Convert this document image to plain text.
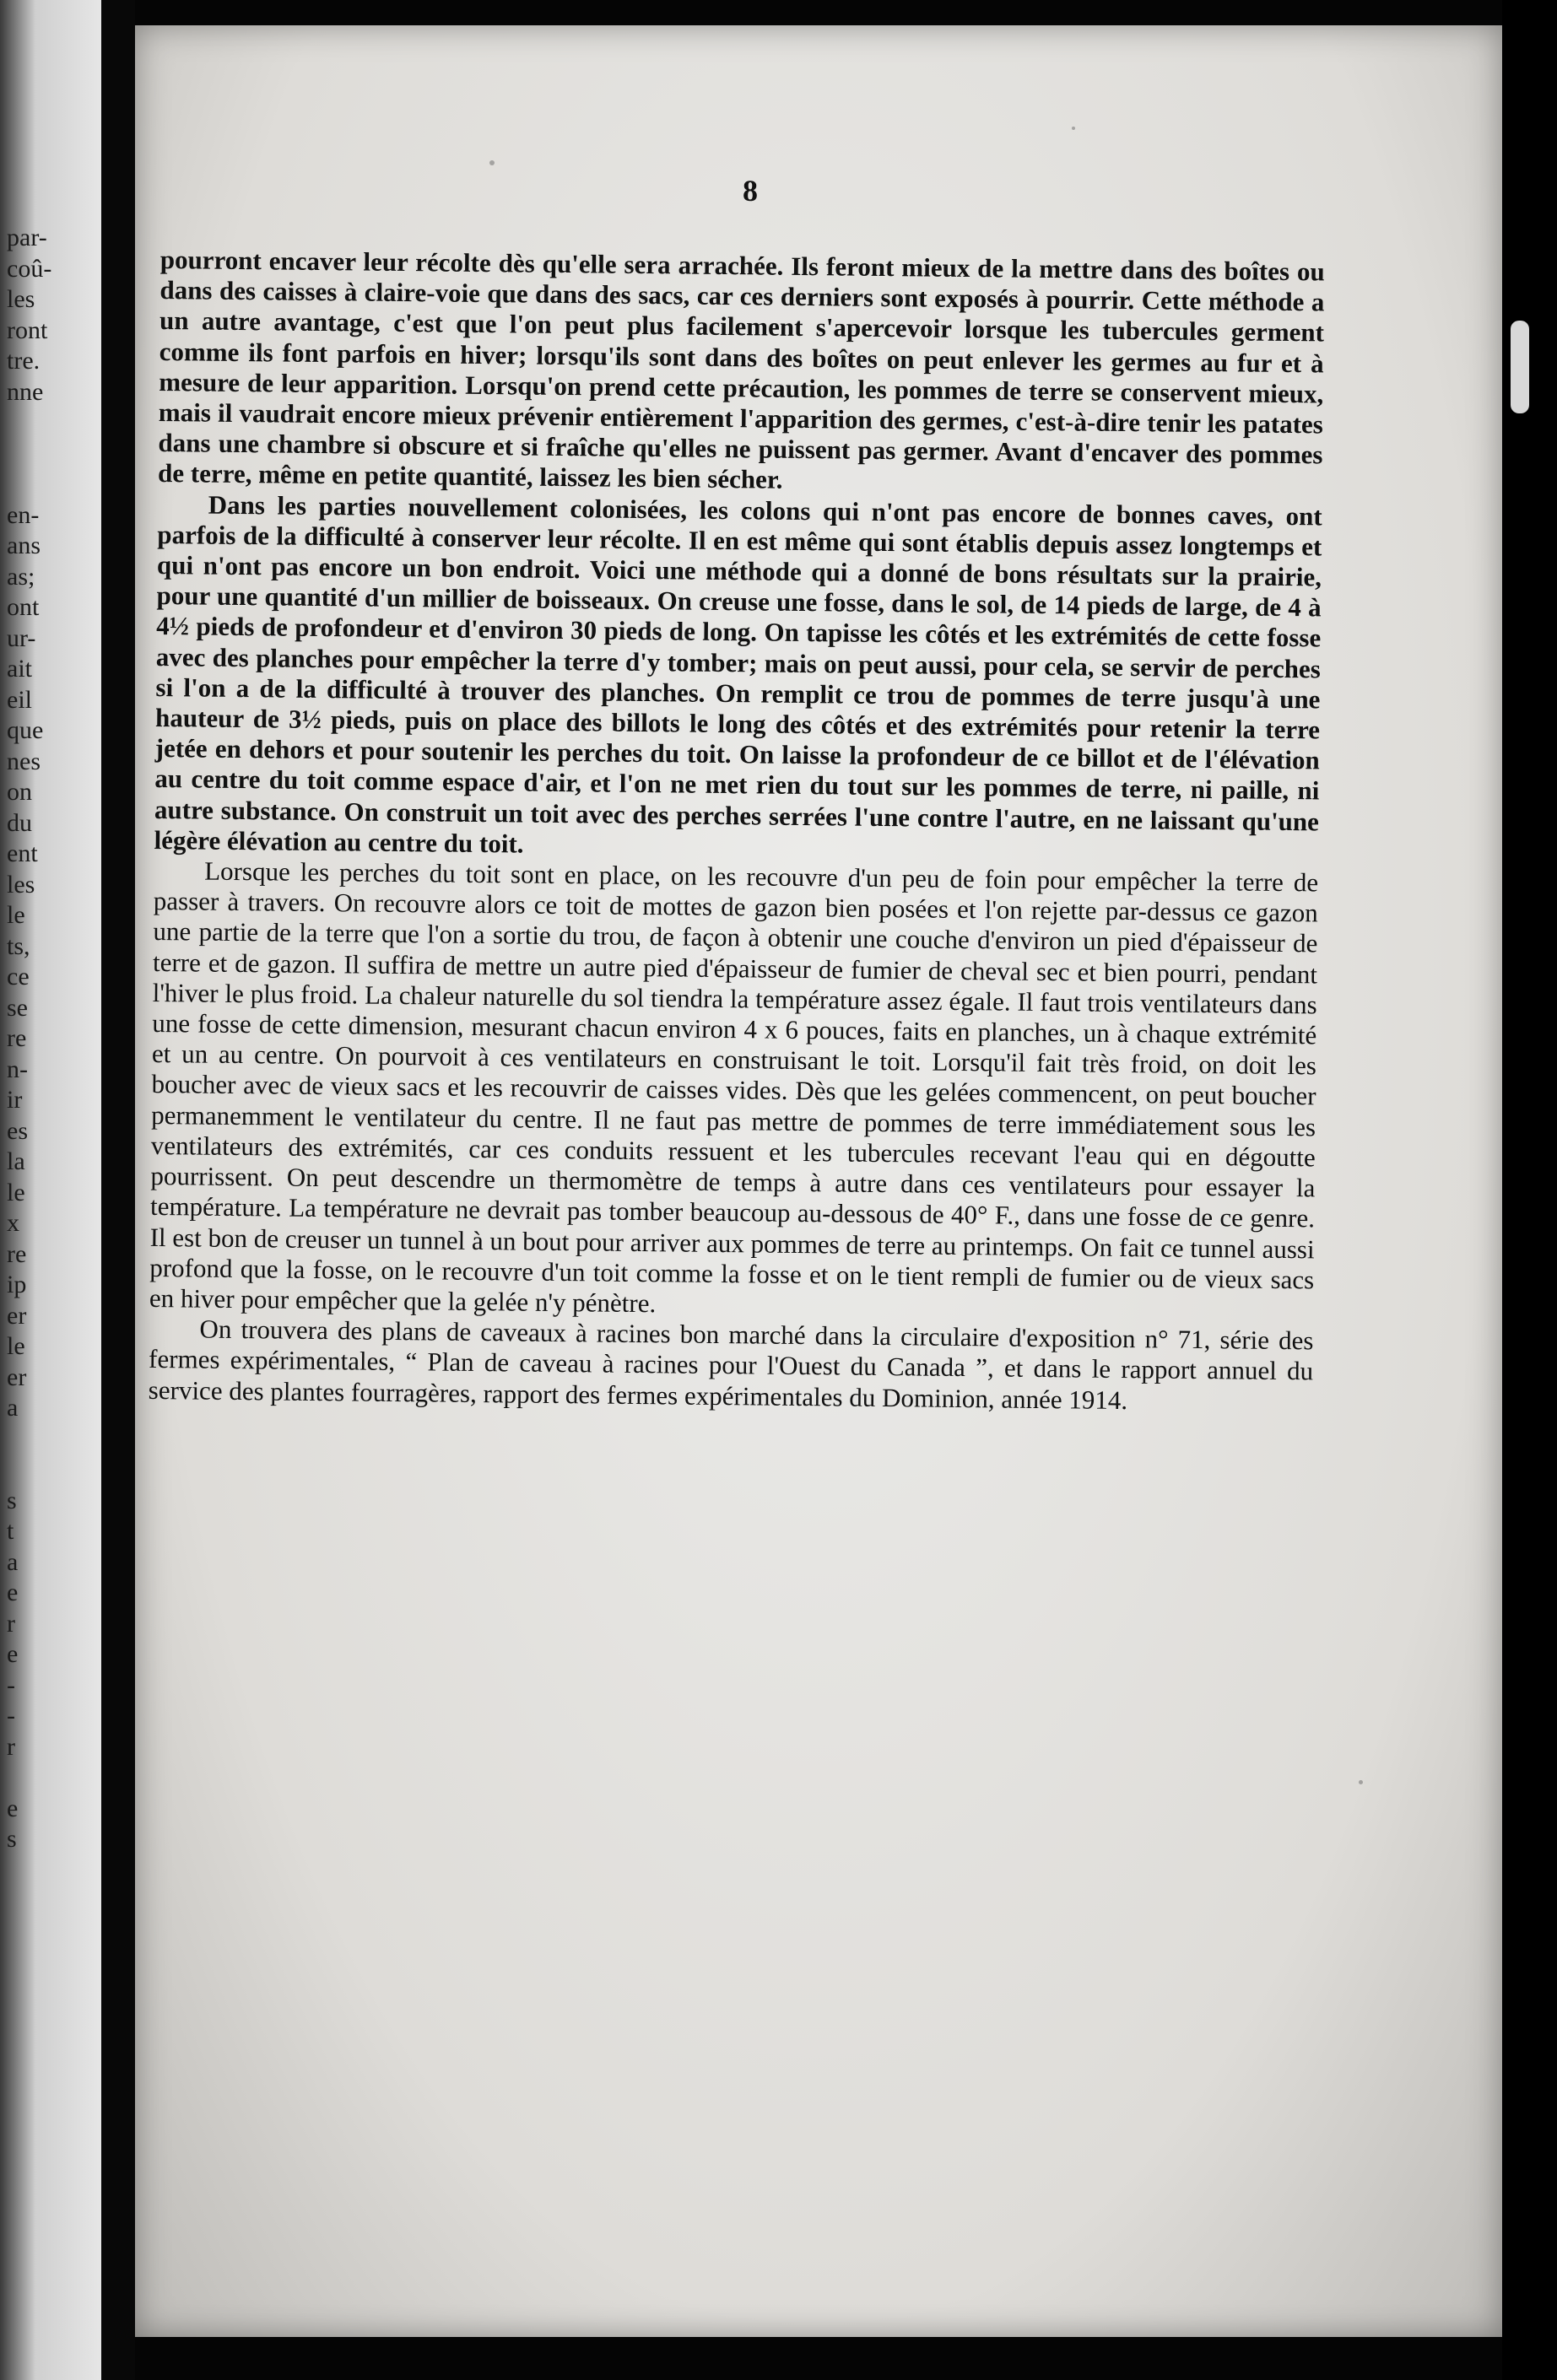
par-
coû-
les
ront
tre.
nne
en-
ans
as;
ont
ur-
ait
eil
que
nes
on
du
ent
les
le
ts,
ce
se
re
n-
ir
es
la
le
x
re
ip
er
le
er
a
s
t
a
e
r
e
-
-
r
e
s
8

pourront encaver leur récolte dès qu'elle sera arrachée. Ils feront mieux de la mettre dans des boîtes ou dans des caisses à claire-voie que dans des sacs, car ces derniers sont exposés à pourrir. Cette méthode a un autre avantage, c'est que l'on peut plus facilement s'apercevoir lorsque les tubercules germent comme ils font parfois en hiver; lorsqu'ils sont dans des boîtes on peut enlever les germes au fur et à mesure de leur apparition. Lorsqu'on prend cette précaution, les pommes de terre se conservent mieux, mais il vaudrait encore mieux prévenir entièrement l'apparition des germes, c'est-à-dire tenir les patates dans une chambre si obscure et si fraîche qu'elles ne puissent pas germer. Avant d'encaver des pommes de terre, même en petite quantité, laissez les bien sécher.

Dans les parties nouvellement colonisées, les colons qui n'ont pas encore de bonnes caves, ont parfois de la difficulté à conserver leur récolte. Il en est même qui sont établis depuis assez longtemps et qui n'ont pas encore un bon endroit. Voici une méthode qui a donné de bons résultats sur la prairie, pour une quantité d'un millier de boisseaux. On creuse une fosse, dans le sol, de 14 pieds de large, de 4 à 4½ pieds de profondeur et d'environ 30 pieds de long. On tapisse les côtés et les extrémités de cette fosse avec des planches pour empêcher la terre d'y tomber; mais on peut aussi, pour cela, se servir de perches si l'on a de la difficulté à trouver des planches. On remplit ce trou de pommes de terre jusqu'à une hauteur de 3½ pieds, puis on place des billots le long des côtés et des extrémités pour retenir la terre jetée en dehors et pour soutenir les perches du toit. On laisse la profondeur de ce billot et de l'élévation au centre du toit comme espace d'air, et l'on ne met rien du tout sur les pommes de terre, ni paille, ni autre substance. On construit un toit avec des perches serrées l'une contre l'autre, en ne laissant qu'une légère élévation au centre du toit.

Lorsque les perches du toit sont en place, on les recouvre d'un peu de foin pour empêcher la terre de passer à travers. On recouvre alors ce toit de mottes de gazon bien posées et l'on rejette par-dessus ce gazon une partie de la terre que l'on a sortie du trou, de façon à obtenir une couche d'environ un pied d'épaisseur de terre et de gazon. Il suffira de mettre un autre pied d'épaisseur de fumier de cheval sec et bien pourri, pendant l'hiver le plus froid. La chaleur naturelle du sol tiendra la température assez égale. Il faut trois ventilateurs dans une fosse de cette dimension, mesurant chacun environ 4 x 6 pouces, faits en planches, un à chaque extrémité et un au centre. On pourvoit à ces ventilateurs en construisant le toit. Lorsqu'il fait très froid, on doit les boucher avec de vieux sacs et les recouvrir de caisses vides. Dès que les gelées commencent, on peut boucher permanemment le ventilateur du centre. Il ne faut pas mettre de pommes de terre immédiatement sous les ventilateurs des extrémités, car ces conduits ressuent et les tubercules recevant l'eau qui en dégoutte pourrissent. On peut descendre un thermomètre de temps à autre dans ces ventilateurs pour essayer la température. La température ne devrait pas tomber beaucoup au-dessous de 40° F., dans une fosse de ce genre. Il est bon de creuser un tunnel à un bout pour arriver aux pommes de terre au printemps. On fait ce tunnel aussi profond que la fosse, on le recouvre d'un toit comme la fosse et on le tient rempli de fumier ou de vieux sacs en hiver pour empêcher que la gelée n'y pénètre.

On trouvera des plans de caveaux à racines bon marché dans la circulaire d'exposition n° 71, série des fermes expérimentales, “ Plan de caveau à racines pour l'Ouest du Canada ”, et dans le rapport annuel du service des plantes fourragères, rapport des fermes expérimentales du Dominion, année 1914.
